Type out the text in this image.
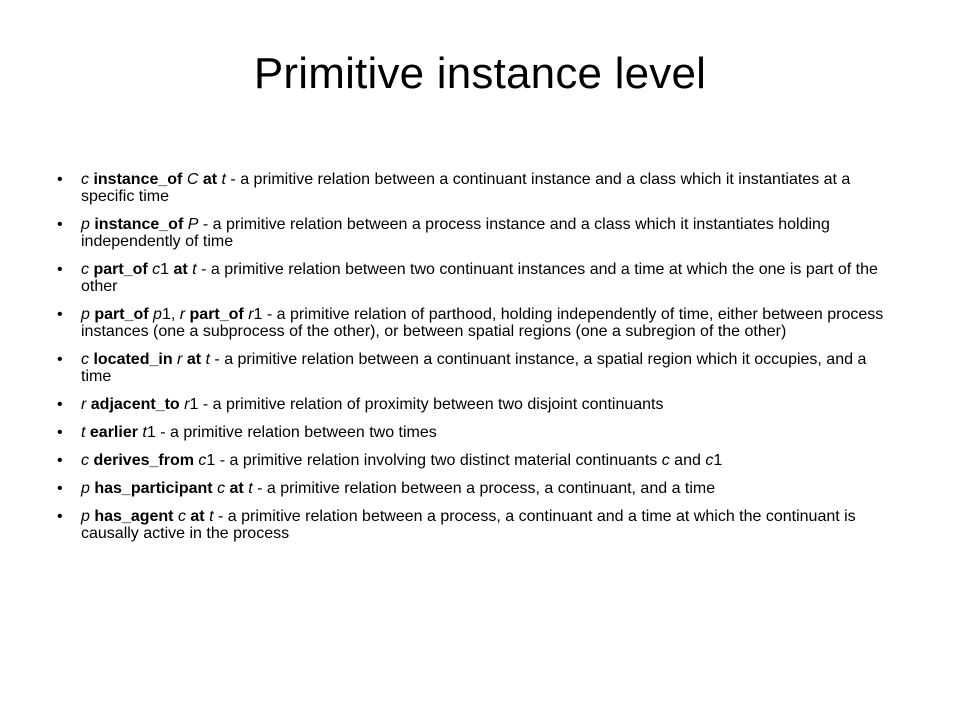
Primitive instance level
•	c instance_of C at t - a primitive relation between a continuant instance and a class which it instantiates at a specific time
•	p instance_of P - a primitive relation between a process instance and a class which it instantiates holding independently of time
•	c part_of c1 at t - a primitive relation between two continuant instances and a time at which the one is part of the other
•	p part_of p1, r part_of r1 - a primitive relation of parthood, holding independently of time, either between process instances (one a subprocess of the other), or between spatial regions (one a subregion of the other)
•	c located_in r at t - a primitive relation between a continuant instance, a spatial region which it occupies, and a time
•	r adjacent_to r1 - a primitive relation of proximity between two disjoint continuants
•	t earlier t1 - a primitive relation between two times
•	c derives_from c1 - a primitive relation involving two distinct material continuants c and c1
•	p has_participant c at t - a primitive relation between a process, a continuant, and a time
•	p has_agent c at t - a primitive relation between a process, a continuant and a time at which the continuant is causally active in the process
